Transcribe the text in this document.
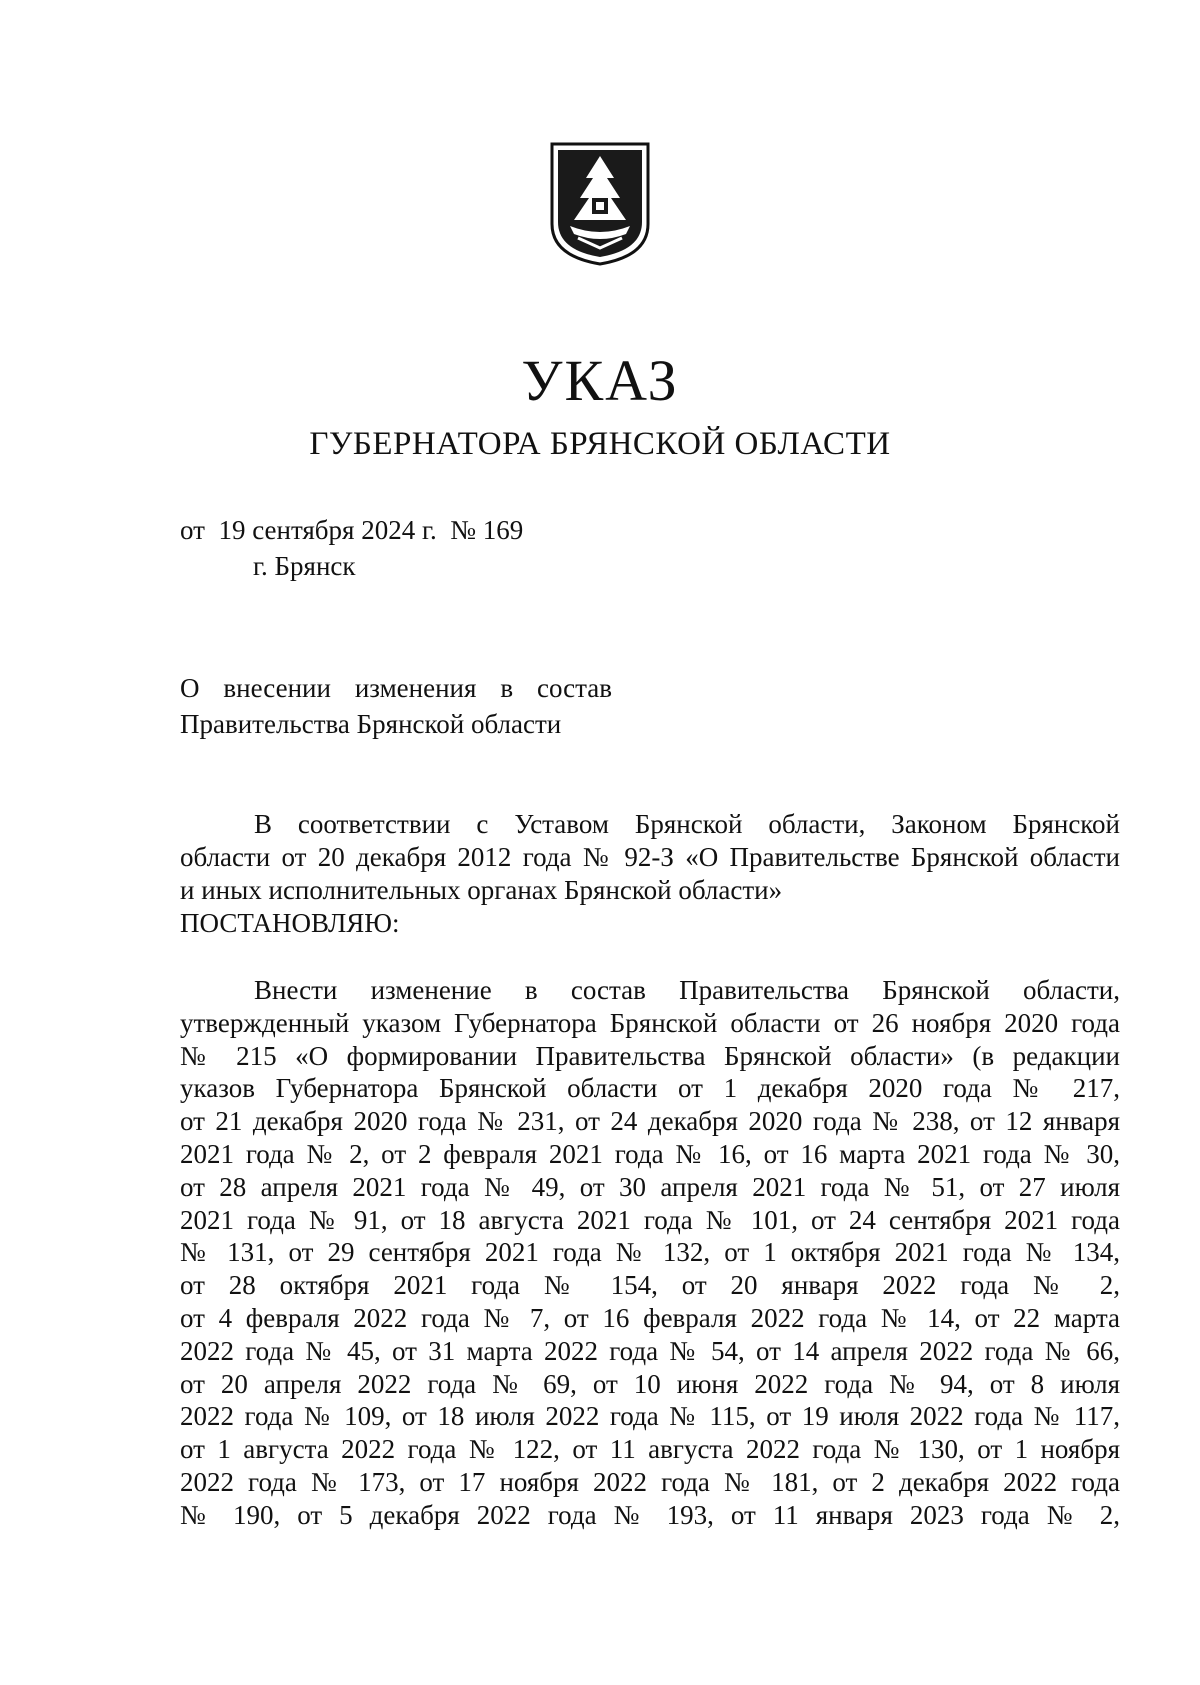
УКАЗ
ГУБЕРНАТОРА БРЯНСКОЙ ОБЛАСТИ
от  19 сентября 2024 г.  № 169
г. Брянск
О внесении изменения в состав
Правительства Брянской области
В соответствии с Уставом Брянской области, Законом Брянской
области от 20 декабря 2012 года № 92-З «О Правительстве Брянской области
и иных исполнительных органах Брянской области»
ПОСТАНОВЛЯЮ:
Внести изменение в состав Правительства Брянской области,
утвержденный указом Губернатора Брянской области от 26 ноября 2020 года
№ 215 «О формировании Правительства Брянской области» (в редакции
указов Губернатора Брянской области от 1 декабря 2020 года № 217,
от 21 декабря 2020 года № 231, от 24 декабря 2020 года № 238, от 12 января
2021 года № 2, от 2 февраля 2021 года № 16, от 16 марта 2021 года № 30,
от 28 апреля 2021 года № 49, от 30 апреля 2021 года № 51, от 27 июля
2021 года № 91, от 18 августа 2021 года № 101, от 24 сентября 2021 года
№ 131, от 29 сентября 2021 года № 132, от 1 октября 2021 года № 134,
от 28 октября 2021 года № 154, от 20 января 2022 года № 2,
от 4 февраля 2022 года № 7, от 16 февраля 2022 года № 14, от 22 марта
2022 года № 45, от 31 марта 2022 года № 54, от 14 апреля 2022 года № 66,
от 20 апреля 2022 года № 69, от 10 июня 2022 года № 94, от 8 июля
2022 года № 109, от 18 июля 2022 года № 115, от 19 июля 2022 года № 117,
от 1 августа 2022 года № 122, от 11 августа 2022 года № 130, от 1 ноября
2022 года № 173, от 17 ноября 2022 года № 181, от 2 декабря 2022 года
№ 190, от 5 декабря 2022 года № 193, от 11 января 2023 года № 2,
